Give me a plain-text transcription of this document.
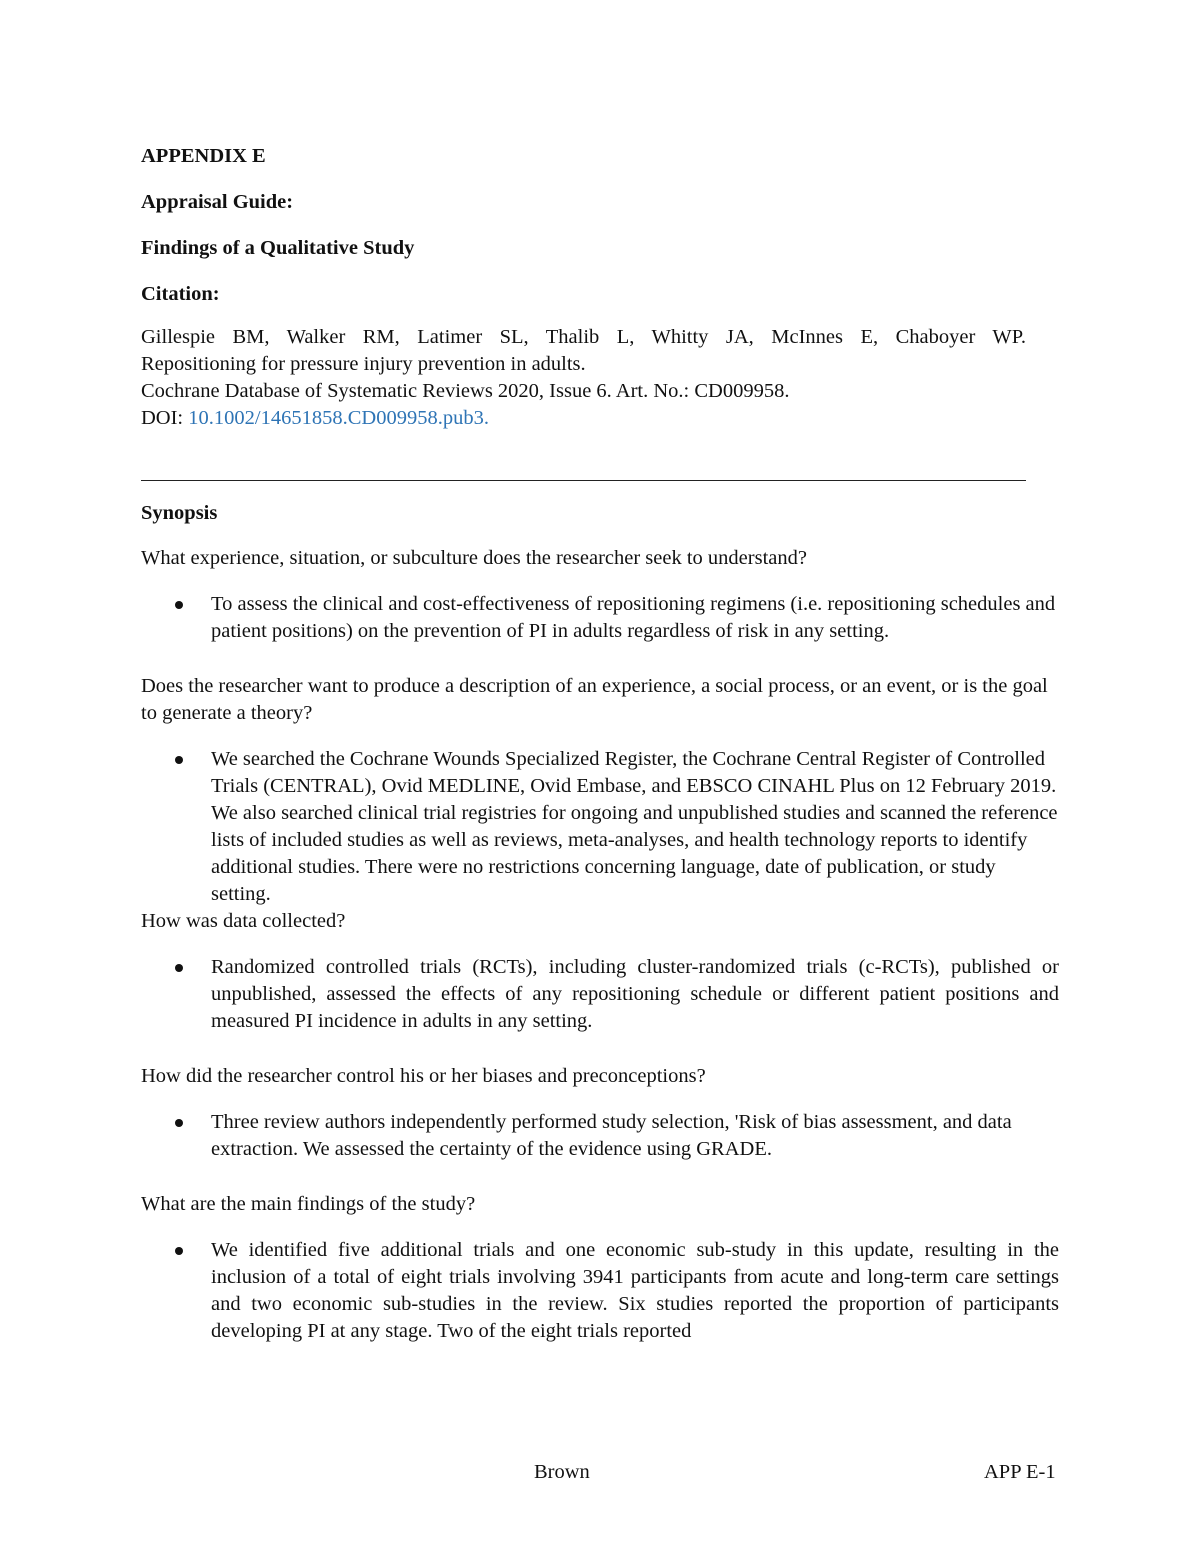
APPENDIX E

Appraisal Guide:

Findings of a Qualitative Study

Citation:

Gillespie BM, Walker RM, Latimer SL, Thalib L, Whitty JA, McInnes E, Chaboyer WP.
Repositioning for pressure injury prevention in adults.
Cochrane Database of Systematic Reviews 2020, Issue 6. Art. No.: CD009958.
DOI: 10.1002/14651858.CD009958.pub3.

Synopsis

What experience, situation, or subculture does the researcher seek to understand?

To assess the clinical and cost-effectiveness of repositioning regimens (i.e. repositioning schedules and patient positions) on the prevention of PI in adults regardless of risk in any setting.

Does the researcher want to produce a description of an experience, a social process, or an event, or is the goal to generate a theory?

We searched the Cochrane Wounds Specialized Register, the Cochrane Central Register of Controlled Trials (CENTRAL), Ovid MEDLINE, Ovid Embase, and EBSCO CINAHL Plus on 12 February 2019. We also searched clinical trial registries for ongoing and unpublished studies and scanned the reference lists of included studies as well as reviews, meta-analyses, and health technology reports to identify additional studies. There were no restrictions concerning language, date of publication, or study setting.

How was data collected?

Randomized controlled trials (RCTs), including cluster-randomized trials (c-RCTs), published or unpublished, assessed the effects of any repositioning schedule or different patient positions and measured PI incidence in adults in any setting.

How did the researcher control his or her biases and preconceptions?

Three review authors independently performed study selection, 'Risk of bias assessment, and data extraction. We assessed the certainty of the evidence using GRADE.

What are the main findings of the study?

We identified five additional trials and one economic sub-study in this update, resulting in the inclusion of a total of eight trials involving 3941 participants from acute and long-term care settings and two economic sub-studies in the review. Six studies reported the proportion of participants developing PI at any stage. Two of the eight trials reported
Brown	APP E-1
